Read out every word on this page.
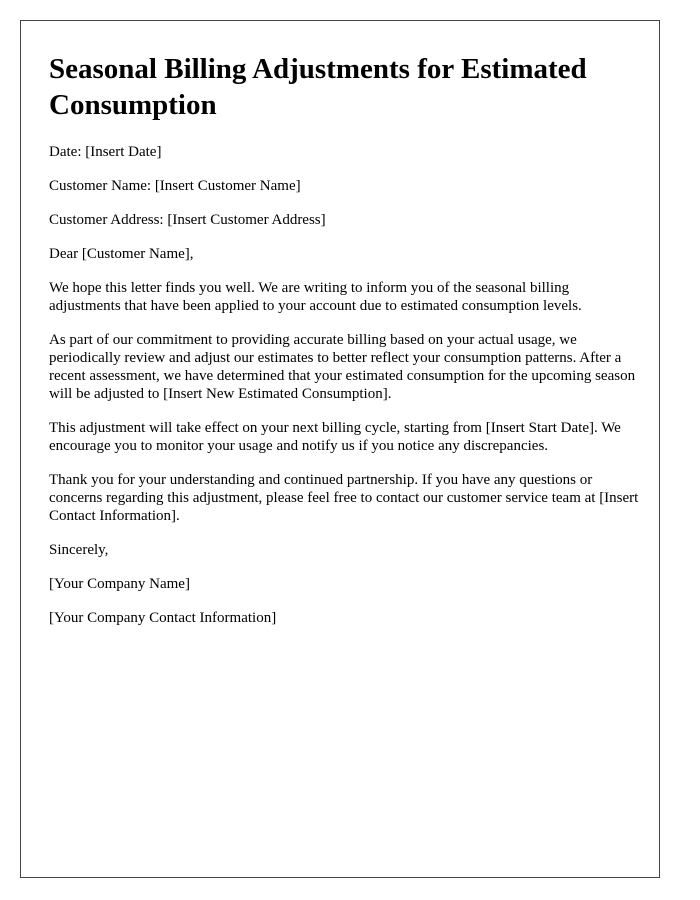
Seasonal Billing Adjustments for Estimated Consumption

Date: [Insert Date]

Customer Name: [Insert Customer Name]

Customer Address: [Insert Customer Address]

Dear [Customer Name],

We hope this letter finds you well. We are writing to inform you of the seasonal billing adjustments that have been applied to your account due to estimated consumption levels.

As part of our commitment to providing accurate billing based on your actual usage, we periodically review and adjust our estimates to better reflect your consumption patterns. After a recent assessment, we have determined that your estimated consumption for the upcoming season will be adjusted to [Insert New Estimated Consumption].

This adjustment will take effect on your next billing cycle, starting from [Insert Start Date]. We encourage you to monitor your usage and notify us if you notice any discrepancies.

Thank you for your understanding and continued partnership. If you have any questions or concerns regarding this adjustment, please feel free to contact our customer service team at [Insert Contact Information].

Sincerely,

[Your Company Name]

[Your Company Contact Information]
